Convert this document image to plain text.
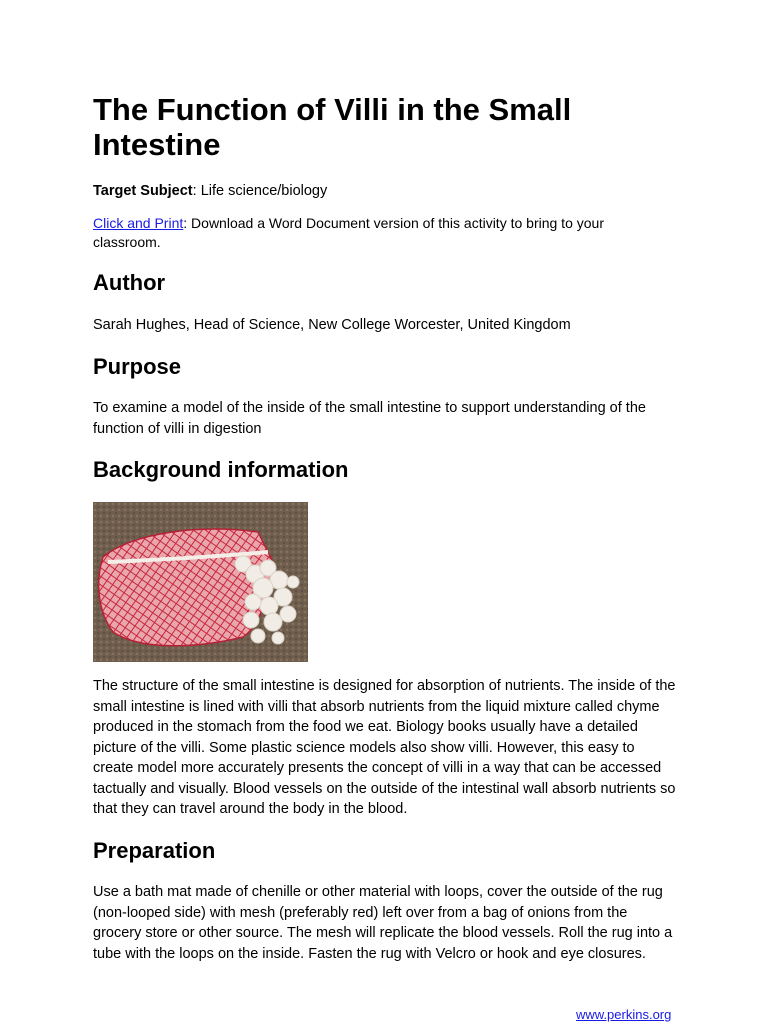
The Function of Villi in the Small Intestine
Target Subject: Life science/biology
Click and Print: Download a Word Document version of this activity to bring to your classroom.
Author
Sarah Hughes, Head of Science, New College Worcester, United Kingdom
Purpose
To examine a model of the inside of the small intestine to support understanding of the function of villi in digestion
Background information
The structure of the small intestine is designed for absorption of nutrients. The inside of the small intestine is lined with villi that absorb nutrients from the liquid mixture called chyme produced in the stomach from the food we eat. Biology books usually have a detailed picture of the villi. Some plastic science models also show villi. However, this easy to create model more accurately presents the concept of villi in a way that can be accessed tactually and visually. Blood vessels on the outside of the intestinal wall absorb nutrients so that they can travel around the body in the blood.
Preparation
Use a bath mat made of chenille or other material with loops, cover the outside of the rug (non-looped side) with mesh (preferably red) left over from a bag of onions from the grocery store or other source. The mesh will replicate the blood vessels. Roll the rug into a tube with the loops on the inside. Fasten the rug with Velcro or hook and eye closures.
www.perkins.org
